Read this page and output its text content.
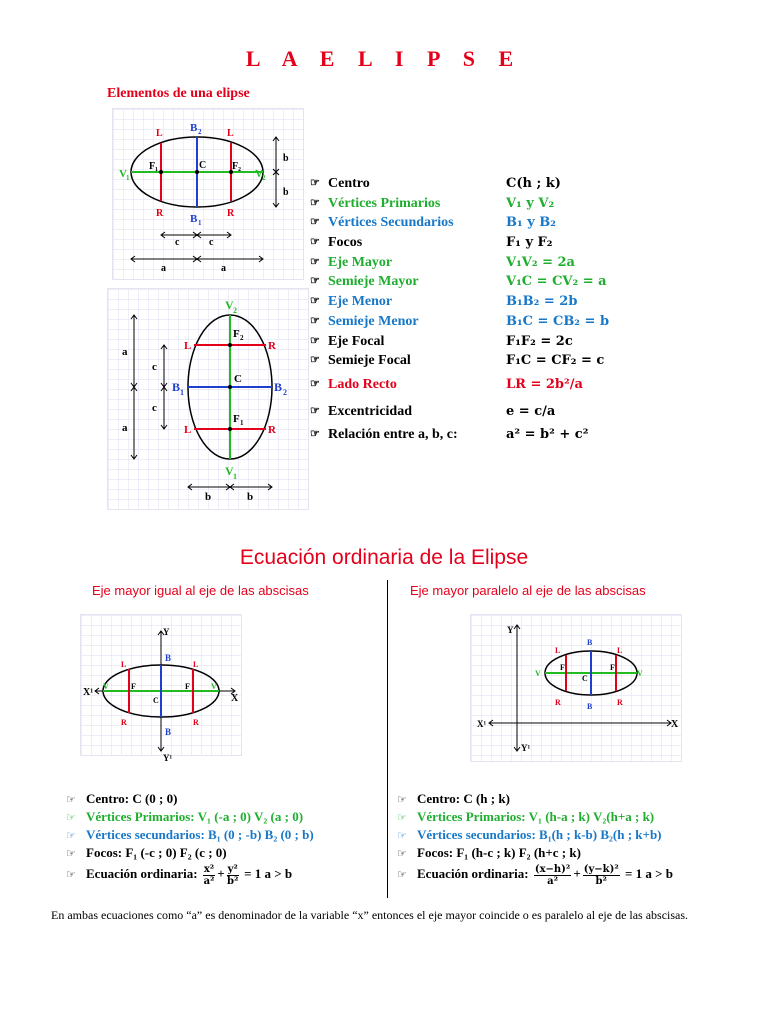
L A E L I P S E
Elementos de una elipse
B 2
B 1
V 1	V 2
F 1	F 2
C
L	L
R	R
b
b
c	c
a	a
V 2
V 1
F 2
F 1
C
B 1	B 2
L	R
L	R
a
a
c
c
b	b
☞ Centro	C(h ; k)
☞ Vértices Primarios	V₁ y V₂
☞ Vértices Secundarios	B₁ y B₂
☞ Focos	F₁ y F₂
☞ Eje Mayor	V₁V₂ = 2a
☞ Semieje Mayor	V₁C = CV₂ = a
☞ Eje Menor	B₁B₂ = 2b
☞ Semieje Menor	B₁C = CB₂ = b
☞ Eje Focal	F₁F₂ = 2c
☞ Semieje Focal	F₁C = CF₂ = c
☞ Lado Recto	LR = 2b²/a
☞ Excentricidad	e = c/a
☞ Relación entre a, b, c:	a² = b² + c²
Ecuación ordinaria de la Elipse
Eje mayor igual al eje de las abscisas	Eje mayor paralelo al eje de las abscisas
Y
X
X¹
Y¹
B
B
V	V
F	F
C
L	L
R	R
Y
X
X¹
Y¹
B
B
V	V
F	F
C
L	L
R	R
☞ Centro: C (0 ; 0)
☞ Vértices Primarios: V₁ (-a ; 0) V₂ (a ; 0)
☞ Vértices secundarios: B₁ (0 ; -b) B₂ (0 ; b)
☞ Focos: F₁ (-c ; 0) F₂ (c ; 0)
☞ Ecuación ordinaria: $\frac{\text{x²}}{\text{a²}} + \frac{\text{y²}}{\text{b²}} = 1$ a > b
☞ Centro: C (h ; k)
☞ Vértices Primarios: V₁ (h-a ; k) V₂(h+a ; k)
☞ Vértices secundarios: B₁(h ; k-b) B₂(h ; k+b)
☞ Focos: F₁ (h-c ; k) F₂ (h+c ; k)
☞ Ecuación ordinaria: $\frac{\text{(x−h)²}}{\text{a²}} + \frac{\text{(y−k)²}}{\text{b²}} = 1$ a > b
En ambas ecuaciones como “a” es denominador de la variable “x” entonces el eje mayor coincide o es paralelo al eje de las abscisas.
